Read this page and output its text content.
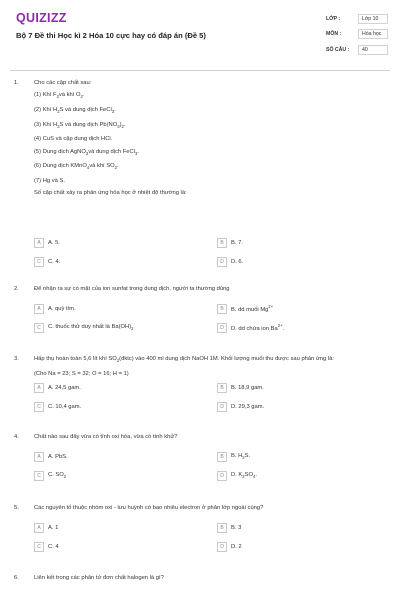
QUIZIZZ
Bộ 7 Đề thi Học kì 2 Hóa 10 cực hay có đáp án (Đề 5)
LỚP :	Lớp 10
MÔN :	Hóa học
SỐ CÂU :	40
1.	Cho các cặp chất sau:
(1) Khí $F_2và$ khí $O_2$.
(2) Khí $H_2S$ và dung dịch FeCl$_3$.
(3) Khí $H_2S$ và dung dịch $Pb(NO_3)_2$.
(4) CuS và cặp dung dịch HCl.
(5) Dung dịch AgNO$_3$và dung dịch FeCl$_3$.
(6) Dung dịch KMnO$_4$và khí $SO_2$.
(7) Hg và S.
Số cặp chất xảy ra phản ứng hóa học ở nhiệt độ thường là:
A A. 5.	B B. 7.
C C. 4.	D D. 6.
2.	Để nhận ra sự có mặt của ion sunfat trong dung dịch, người ta thường dùng
A A. quỳ tím.	B B. dd muối $Mg^{2+}$
C C. thuốc thử duy nhất là $Ba(OH)_2$	D D. dd chứa ion $Ba^{2+}$.
3.	Hấp thụ hoàn toàn 5,6 lít khí $SO_2(đktc)$ vào 400 ml dung dịch NaOH 1M. Khối lượng muối thu được sau phản ứng là:
(Cho Na = 23; S = 32; O = 16; H = 1)
A A. 24,5 gam.	B B. 18,9 gam.
C C. 10,4 gam.	D D. 29,3 gam.
4.	Chất nào sau đây vừa có tính oxi hóa, vừa có tính khử?
A A. PbS.	B B. $H_2S$.
C C. $SO_2$	D D. $K_2SO_4$.
5.	Các nguyên tố thuộc nhóm oxi - lưu huỳnh có bao nhiêu electron ở phân lớp ngoài cùng?
A A. 1	B B. 3
C C. 4	D D. 2
6.	Liên kết trong các phân tử đơn chất halogen là gì?
